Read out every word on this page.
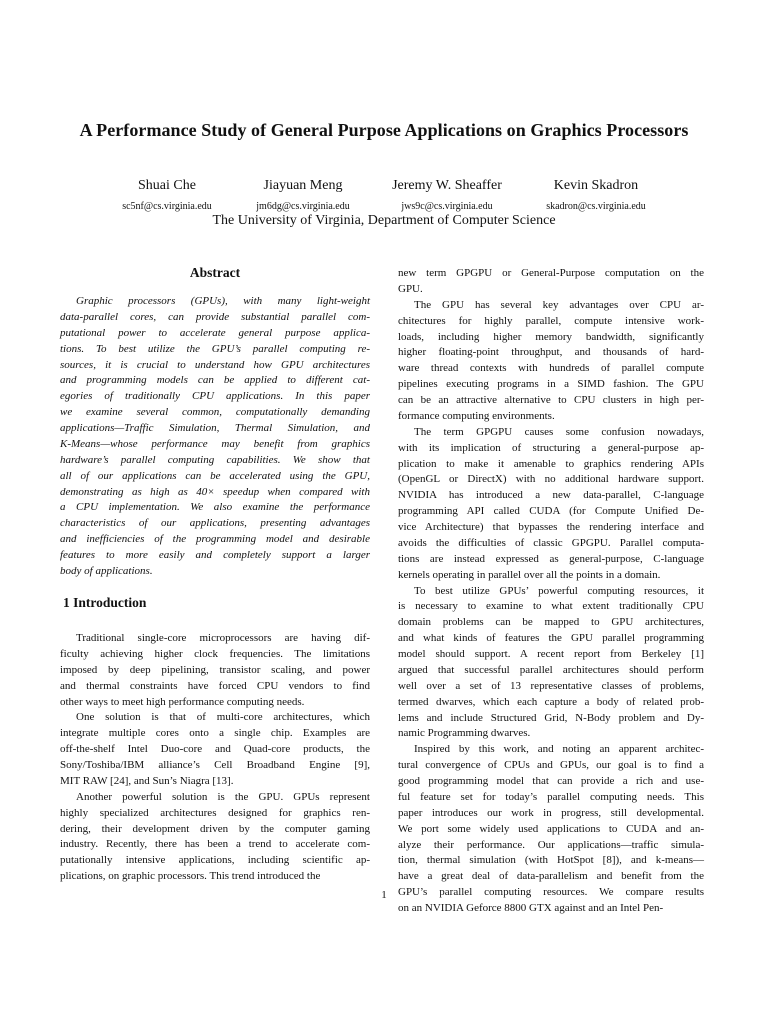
A Performance Study of General Purpose Applications on Graphics Processors
Shuai Che	Jiayuan Meng	Jeremy W. Sheaffer	Kevin Skadron
sc5nf@cs.virginia.edu	jm6dg@cs.virginia.edu	jws9c@cs.virginia.edu	skadron@cs.virginia.edu
The University of Virginia, Department of Computer Science
Abstract
Graphic processors (GPUs), with many light-weight
data-parallel cores, can provide substantial parallel com-
putational power to accelerate general purpose applica-
tions. To best utilize the GPU’s parallel computing re-
sources, it is crucial to understand how GPU architectures
and programming models can be applied to different cat-
egories of traditionally CPU applications. In this paper
we examine several common, computationally demanding
applications—Traffic Simulation, Thermal Simulation, and
K-Means—whose performance may benefit from graphics
hardware’s parallel computing capabilities. We show that
all of our applications can be accelerated using the GPU,
demonstrating as high as 40× speedup when compared with
a CPU implementation. We also examine the performance
characteristics of our applications, presenting advantages
and inefficiencies of the programming model and desirable
features to more easily and completely support a larger
body of applications.
1 Introduction
Traditional single-core microprocessors are having dif-
ficulty achieving higher clock frequencies. The limitations
imposed by deep pipelining, transistor scaling, and power
and thermal constraints have forced CPU vendors to find
other ways to meet high performance computing needs.
One solution is that of multi-core architectures, which
integrate multiple cores onto a single chip. Examples are
off-the-shelf Intel Duo-core and Quad-core products, the
Sony/Toshiba/IBM alliance’s Cell Broadband Engine [9],
MIT RAW [24], and Sun’s Niagra [13].
Another powerful solution is the GPU. GPUs represent
highly specialized architectures designed for graphics ren-
dering, their development driven by the computer gaming
industry. Recently, there has been a trend to accelerate com-
putationally intensive applications, including scientific ap-
plications, on graphic processors. This trend introduced the
new term GPGPU or General-Purpose computation on the
GPU.
The GPU has several key advantages over CPU ar-
chitectures for highly parallel, compute intensive work-
loads, including higher memory bandwidth, significantly
higher floating-point throughput, and thousands of hard-
ware thread contexts with hundreds of parallel compute
pipelines executing programs in a SIMD fashion. The GPU
can be an attractive alternative to CPU clusters in high per-
formance computing environments.
The term GPGPU causes some confusion nowadays,
with its implication of structuring a general-purpose ap-
plication to make it amenable to graphics rendering APIs
(OpenGL or DirectX) with no additional hardware support.
NVIDIA has introduced a new data-parallel, C-language
programming API called CUDA (for Compute Unified De-
vice Architecture) that bypasses the rendering interface and
avoids the difficulties of classic GPGPU. Parallel computa-
tions are instead expressed as general-purpose, C-language
kernels operating in parallel over all the points in a domain.
To best utilize GPUs’ powerful computing resources, it
is necessary to examine to what extent traditionally CPU
domain problems can be mapped to GPU architectures,
and what kinds of features the GPU parallel programming
model should support. A recent report from Berkeley [1]
argued that successful parallel architectures should perform
well over a set of 13 representative classes of problems,
termed dwarves, which each capture a body of related prob-
lems and include Structured Grid, N-Body problem and Dy-
namic Programming dwarves.
Inspired by this work, and noting an apparent architec-
tural convergence of CPUs and GPUs, our goal is to find a
good programming model that can provide a rich and use-
ful feature set for today’s parallel computing needs. This
paper introduces our work in progress, still developmental.
We port some widely used applications to CUDA and an-
alyze their performance. Our applications—traffic simula-
tion, thermal simulation (with HotSpot [8]), and k-means—
have a great deal of data-parallelism and benefit from the
GPU’s parallel computing resources. We compare results
on an NVIDIA Geforce 8800 GTX against and an Intel Pen-
1
